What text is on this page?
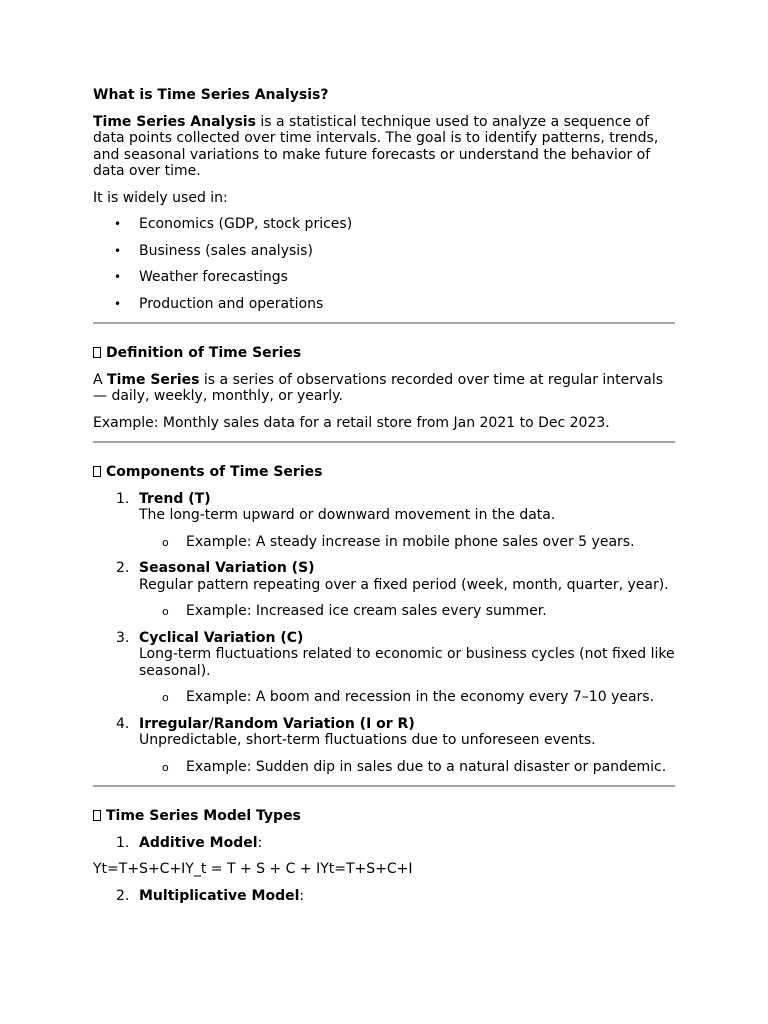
What is Time Series Analysis?

Time Series Analysis is a statistical technique used to analyze a sequence of data points collected over time intervals. The goal is to identify patterns, trends, and seasonal variations to make future forecasts or understand the behavior of data over time.

It is widely used in:

• Economics (GDP, stock prices)
• Business (sales analysis)
• Weather forecastings
• Production and operations
Definition of Time Series

A Time Series is a series of observations recorded over time at regular intervals — daily, weekly, monthly, or yearly.

Example: Monthly sales data for a retail store from Jan 2021 to Dec 2023.

Components of Time Series
1. Trend (T)
The long-term upward or downward movement in the data.
o Example: A steady increase in mobile phone sales over 5 years.
2. Seasonal Variation (S)
Regular pattern repeating over a fixed period (week, month, quarter, year).
o Example: Increased ice cream sales every summer.
3. Cyclical Variation (C)
Long-term fluctuations related to economic or business cycles (not fixed like seasonal).
o Example: A boom and recession in the economy every 7–10 years.
4. Irregular/Random Variation (I or R)
Unpredictable, short-term fluctuations due to unforeseen events.
o Example: Sudden dip in sales due to a natural disaster or pandemic.
Time Series Model Types
1. Additive Model:

Yt=T+S+C+IY_t = T + S + C + IYt=T+S+C+I

2. Multiplicative Model:
